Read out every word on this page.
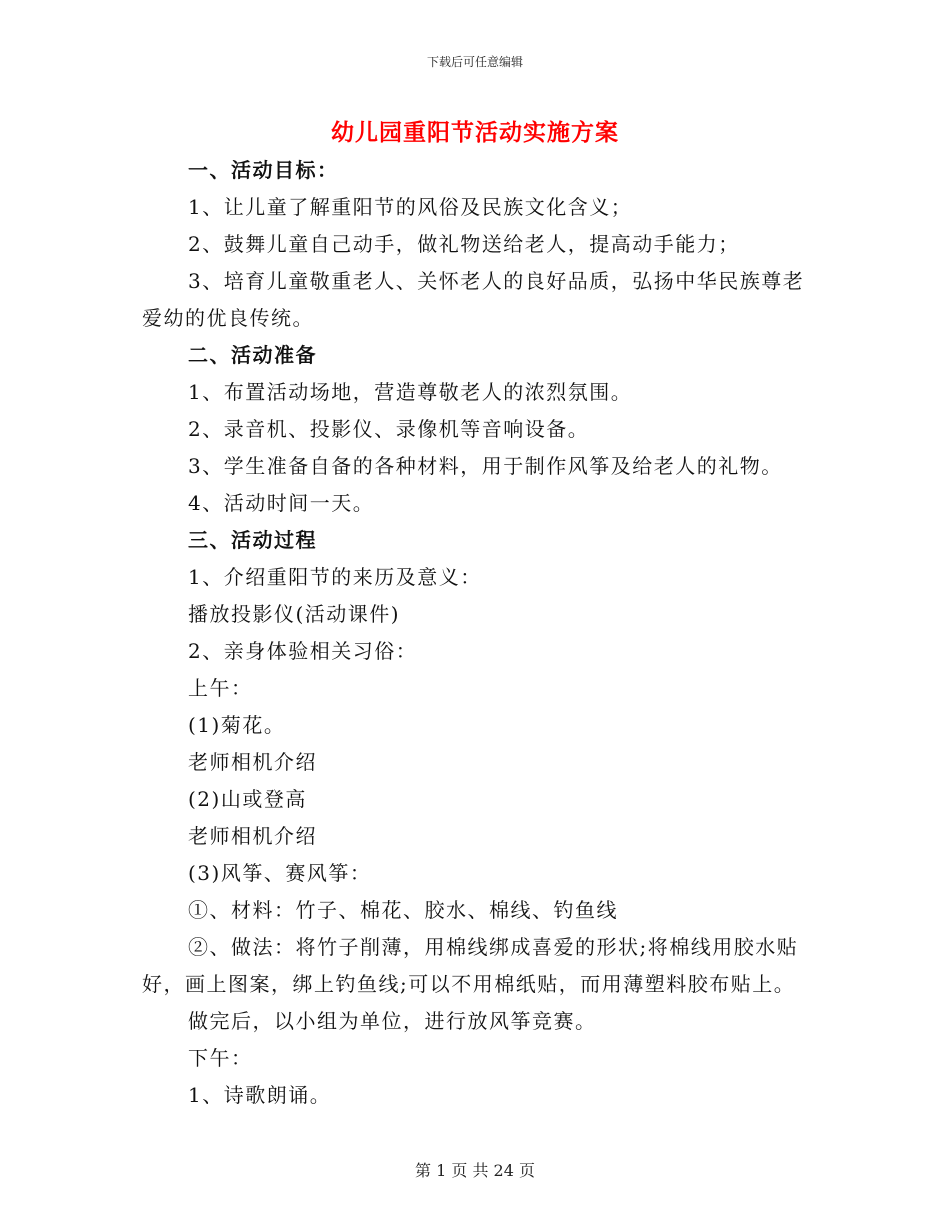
下载后可任意编辑
幼儿园重阳节活动实施方案

一、活动目标：

1、让儿童了解重阳节的风俗及民族文化含义；

2、鼓舞儿童自己动手，做礼物送给老人，提高动手能力；

3、培育儿童敬重老人、关怀老人的良好品质，弘扬中华民族尊老爱幼的优良传统。

二、活动准备

1、布置活动场地，营造尊敬老人的浓烈氛围。

2、录音机、投影仪、录像机等音响设备。

3、学生准备自备的各种材料，用于制作风筝及给老人的礼物。

4、活动时间一天。

三、活动过程

1、介绍重阳节的来历及意义：

播放投影仪(活动课件)

2、亲身体验相关习俗：

上午：

(1)菊花。

老师相机介绍

(2)山或登高

老师相机介绍

(3)风筝、赛风筝：

①、材料：竹子、棉花、胶水、棉线、钓鱼线

②、做法：将竹子削薄，用棉线绑成喜爱的形状;将棉线用胶水贴好，画上图案，绑上钓鱼线;可以不用棉纸贴，而用薄塑料胶布贴上。

做完后，以小组为单位，进行放风筝竞赛。

下午：

1、诗歌朗诵。

第 1 页 共 24 页
